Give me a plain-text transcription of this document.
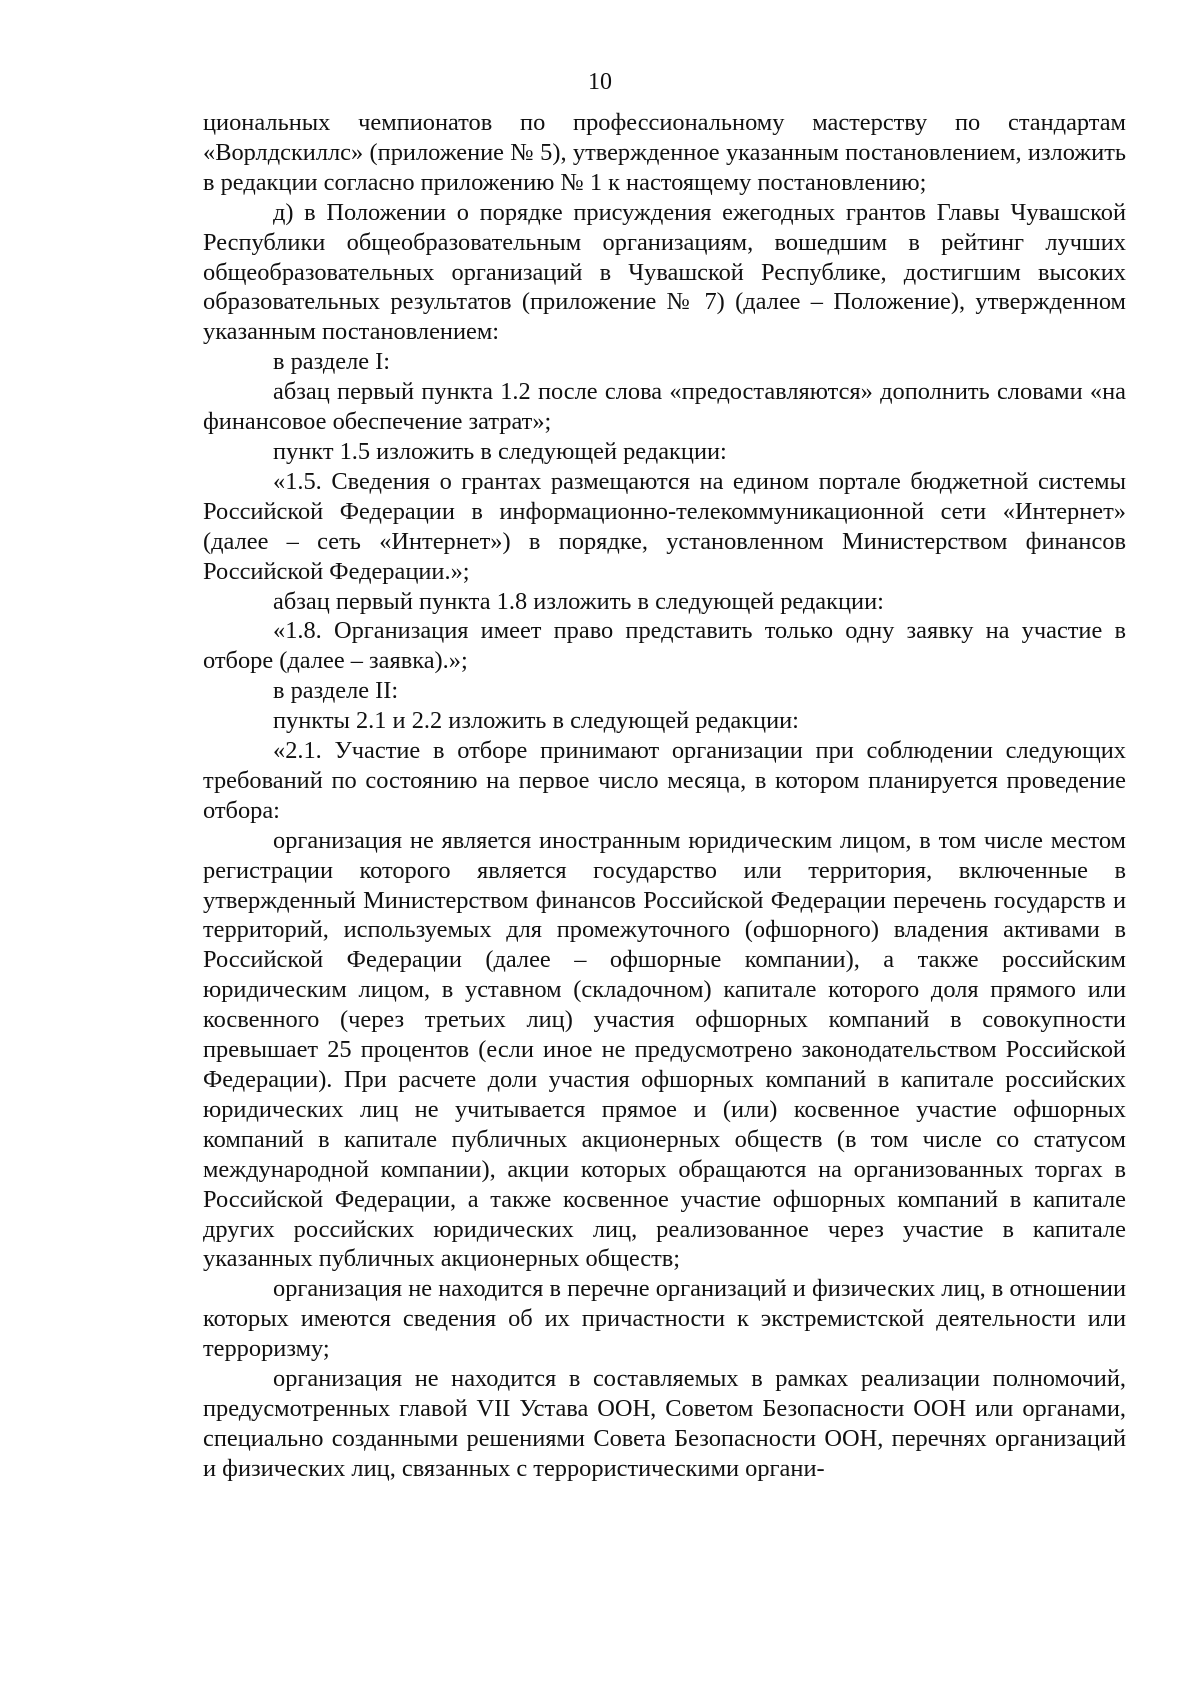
10

циональных чемпионатов по профессиональному мастерству по стандартам «Ворлдскиллс» (приложение № 5), утвержденное указанным постановлением, изложить в редакции согласно приложению № 1 к настоящему постановлению;

д) в Положении о порядке присуждения ежегодных грантов Главы Чувашской Республики общеобразовательным организациям, вошедшим в рейтинг лучших общеобразовательных организаций в Чувашской Республике, достигшим высоких образовательных результатов (приложение № 7) (далее – Положение), утвержденном указанным постановлением:

в разделе I:

абзац первый пункта 1.2 после слова «предоставляются» дополнить словами «на финансовое обеспечение затрат»;

пункт 1.5 изложить в следующей редакции:

«1.5. Сведения о грантах размещаются на едином портале бюджетной системы Российской Федерации в информационно-телекоммуникационной сети «Интернет» (далее – сеть «Интернет») в порядке, установленном Министерством финансов Российской Федерации.»;

абзац первый пункта 1.8 изложить в следующей редакции:

«1.8. Организация имеет право представить только одну заявку на участие в отборе (далее – заявка).»;

в разделе II:

пункты 2.1 и 2.2 изложить в следующей редакции:

«2.1. Участие в отборе принимают организации при соблюдении следующих требований по состоянию на первое число месяца, в котором планируется проведение отбора:

организация не является иностранным юридическим лицом, в том числе местом регистрации которого является государство или территория, включенные в утвержденный Министерством финансов Российской Федерации перечень государств и территорий, используемых для промежуточного (офшорного) владения активами в Российской Федерации (далее – офшорные компании), а также российским юридическим лицом, в уставном (складочном) капитале которого доля прямого или косвенного (через третьих лиц) участия офшорных компаний в совокупности превышает 25 процентов (если иное не предусмотрено законодательством Российской Федерации). При расчете доли участия офшорных компаний в капитале российских юридических лиц не учитывается прямое и (или) косвенное участие офшорных компаний в капитале публичных акционерных обществ (в том числе со статусом международной компании), акции которых обращаются на организованных торгах в Российской Федерации, а также косвенное участие офшорных компаний в капитале других российских юридических лиц, реализованное через участие в капитале указанных публичных акционерных обществ;

организация не находится в перечне организаций и физических лиц, в отношении которых имеются сведения об их причастности к экстремистской деятельности или терроризму;

организация не находится в составляемых в рамках реализации полномочий, предусмотренных главой VII Устава ООН, Советом Безопасности ООН или органами, специально созданными решениями Совета Безопасности ООН, перечнях организаций и физических лиц, связанных с террористическими органи-
